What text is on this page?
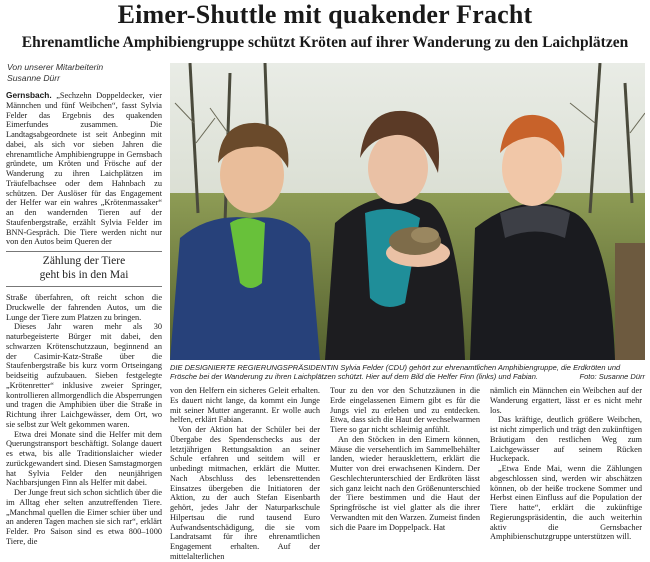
Eimer-Shuttle mit quakender Fracht
Ehrenamtliche Amphibiengruppe schützt Kröten auf ihrer Wanderung zu den Laichplätzen
Von unserer Mitarbeiterin
Susanne Dürr

Gernsbach. „Sechzehn Doppeldecker, vier Männchen und fünf Weibchen“, fasst Sylvia Felder das Ergebnis des quakenden Eimerfundes zusammen. Die Landtagsabgeordnete ist seit Anbeginn mit dabei, als sich vor sieben Jahren die ehrenamtliche Amphibiengruppe in Gernsbach gründete, um Kröten und Frösche auf der Wanderung zu ihren Laichplätzen im Träufelbachsee oder dem Hahnbach zu schützen. Der Auslöser für das Engagement der Helfer war ein wahres „Krötenmassaker“ an den wandernden Tieren auf der Staufenbergstraße, erzählt Sylvia Felder im BNN-Gespräch. Die Tiere werden nicht nur von den Autos beim Queren der

Zählung der Tiere
geht bis in den Mai

Straße überfahren, oft reicht schon die Druckwelle der fahrenden Autos, um die Lunge der Tiere zum Platzen zu bringen.

Dieses Jahr waren mehr als 30 naturbegeisterte Bürger mit dabei, den schwarzen Krötenschutzzaun, beginnend an der Casimir-Katz-Straße über die Staufenbergstraße bis kurz vorm Ortseingang beidseitig aufzubauen. Sieben festgelegte „Krötenretter“ inklusive zweier Springer, kontrollieren allmorgendlich die Absperrungen und tragen die Amphibien über die Straße in Richtung ihrer Laichgewässer, dem Ort, wo sie selbst zur Welt gekommen waren.

Etwa drei Monate sind die Helfer mit dem Querungstransport beschäftigt. Solange dauert es etwa, bis alle Traditionslaicher wieder zurückgewandert sind. Diesen Samstagmorgen hat Sylvia Felder den neunjährigen Nachbarsjungen Finn als Helfer mit dabei.

Der Junge freut sich schon sichtlich über die im Alltag eher selten anzutreffenden Tiere. „Manchmal quellen die Eimer schier über und an anderen Tagen machen sie sich rar“, erklärt Felder. Pro Saison sind es etwa 800–1000 Tiere, die

DIE DESIGNIERTE REGIERUNGSPRÄSIDENTIN Sylvia Felder (CDU) gehört zur ehrenamtlichen Amphibiengruppe, die Erdkröten und Frösche bei der Wanderung zu ihren Laichplätzen schützt. Hier auf dem Bild die Helfer Finn (links) und Fabian.	Foto: Susanne Dürr

von den Helfern ein sicheres Geleit erhalten. Es dauert nicht lange, da kommt ein Junge mit seiner Mutter angerannt. Er wolle auch helfen, erklärt Fabian.

Von der Aktion hat der Schüler bei der Übergabe des Spendenschecks aus der letztjährigen Rettungsaktion an seiner Schule erfahren und seitdem will er unbedingt mitmachen, erklärt die Mutter. Nach Abschluss des lebensrettenden Einsatzes übergeben die Initiatoren der Aktion, zu der auch Stefan Eisenbarth gehört, jedes Jahr der Naturparkschule Hilpertsau die rund tausend Euro Aufwandsentschädigung, die sie vom Landratsamt für ihre ehrenamtlichen Engagement erhalten. Auf der mittelalterlichen

Tour zu den vor den Schutzzäunen in die Erde eingelassenen Eimern gibt es für die Jungs viel zu erleben und zu entdecken. Etwa, dass sich die Haut der wechselwarmen Tiere so gar nicht schleimig anfühlt.

An den Stöcken in den Eimern können, Mäuse die versehentlich im Sammelbehälter landen, wieder herausklettern, erklärt die Mutter von drei erwachsenen Kindern. Der Geschlechterunterschied der Erdkröten lässt sich ganz leicht nach den Größenunterschied der Tiere bestimmen und die Haut der Springfrösche ist viel glatter als die ihrer Verwandten mit den Warzen. Zumeist finden sich die Paare im Doppelpack. Hat

nämlich ein Männchen ein Weibchen auf der Wanderung ergattert, lässt er es nicht mehr los.

Das kräftige, deutlich größere Weibchen, ist nicht zimperlich und trägt den zukünftigen Bräutigam den restlichen Weg zum Laichgewässer auf seinem Rücken Huckepack.

„Etwa Ende Mai, wenn die Zählungen abgeschlossen sind, werden wir abschätzen können, ob der heiße trockene Sommer und Herbst einen Einfluss auf die Population der Tiere hatte“, erklärt die zukünftige Regierungspräsidentin, die auch weiterhin aktiv die Gernsbacher Amphibienschutzgruppe unterstützen will.
